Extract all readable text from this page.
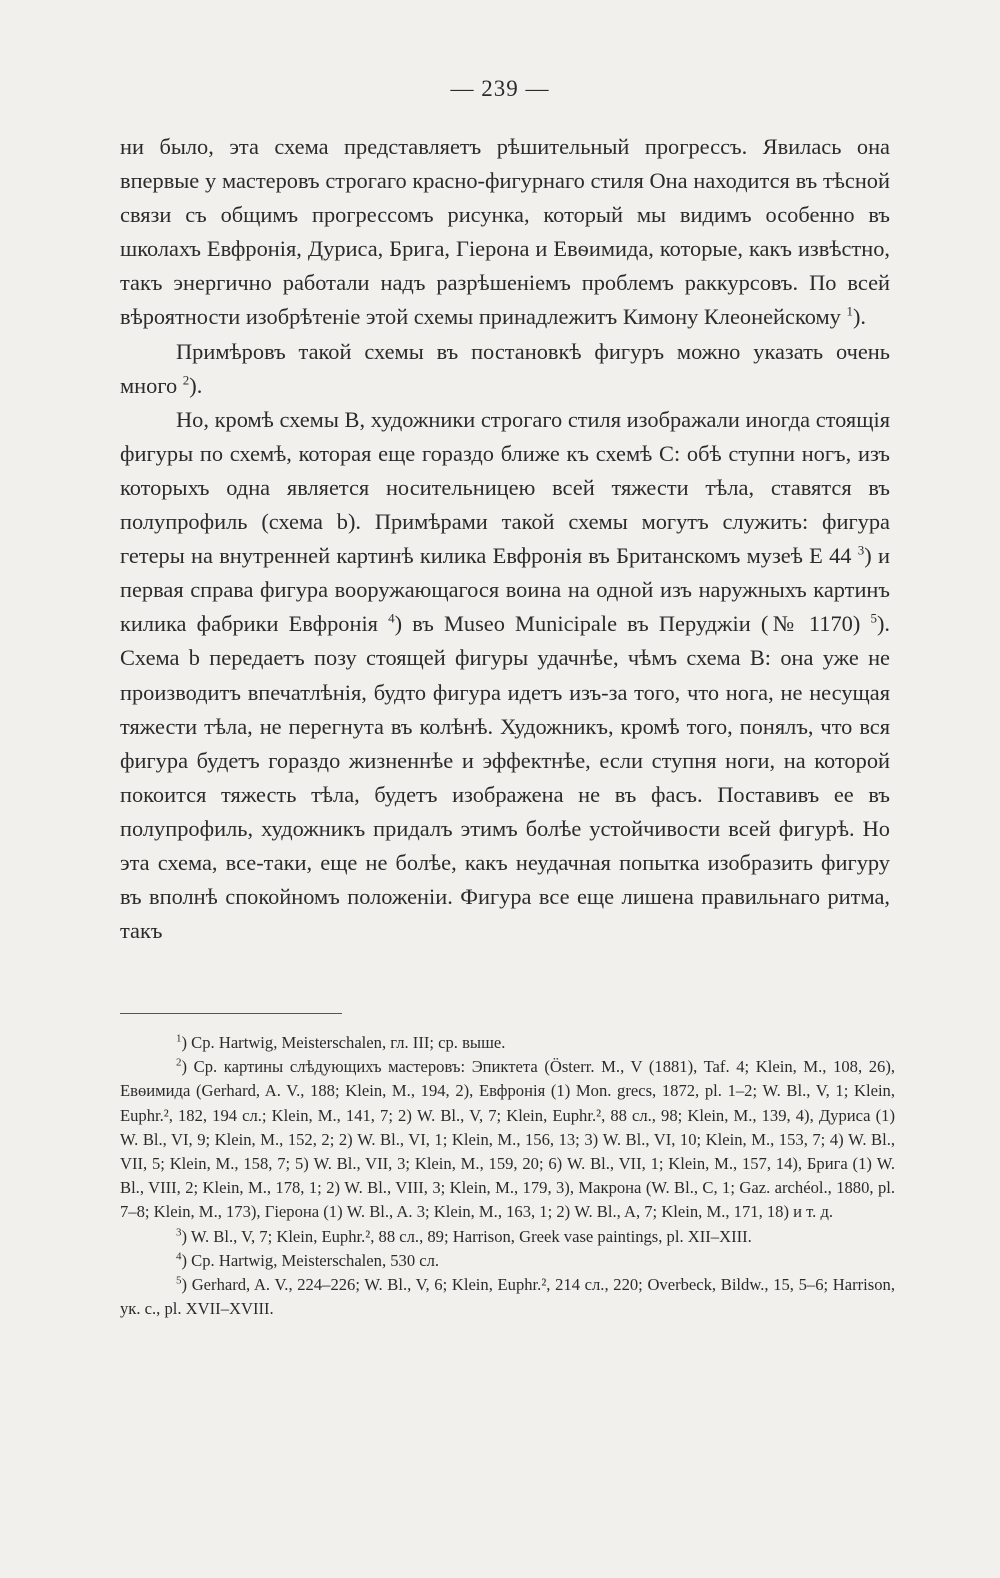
— 239 —

ни было, эта схема представляетъ рѣшительный прогрессъ. Явилась она впервые у мастеровъ строгаго красно-фигурнаго стиля Она находится въ тѣсной связи съ общимъ прогрессомъ рисунка, который мы видимъ особенно въ школахъ Евфронія, Дуриса, Брига, Гіерона и Евѳимида, которые, какъ извѣстно, такъ энергично работали надъ разрѣшеніемъ проблемъ раккурсовъ. По всей вѣроятности изобрѣтеніе этой схемы принадлежитъ Кимону Клеонейскому $^1$).

Примѣровъ такой схемы въ постановкѣ фигуръ можно указать очень много $^2$).

Но, кромѣ схемы B, художники строгаго стиля изображали иногда стоящія фигуры по схемѣ, которая еще гораздо ближе къ схемѣ C: обѣ ступни ногъ, изъ которыхъ одна является носительницею всей тяжести тѣла, ставятся въ полупрофиль (схема b). Примѣрами такой схемы могутъ служить: фигура гетеры на внутренней картинѣ килика Евфронія въ Британскомъ музеѣ E 44 $^3$) и первая справа фигура вооружающагося воина на одной изъ наружныхъ картинъ килика фабрики Евфронія $^4$) въ Museo Municipale въ Перуджіи (№ 1170) $^5$). Схема b передаетъ позу стоящей фигуры удачнѣе, чѣмъ схема B: она уже не производитъ впечатлѣнія, будто фигура идетъ изъ-за того, что нога, не несущая тяжести тѣла, не перегнута въ колѣнѣ. Художникъ, кромѣ того, понялъ, что вся фигура будетъ гораздо жизненнѣе и эффектнѣе, если ступня ноги, на которой покоится тяжесть тѣла, будетъ изображена не въ фасъ. Поставивъ ее въ полупрофиль, художникъ придалъ этимъ болѣе устойчивости всей фигурѣ. Но эта схема, все-таки, еще не болѣе, какъ неудачная попытка изобразить фигуру въ вполнѣ спокойномъ положеніи. Фигура все еще лишена правильнаго ритма, такъ

$^1$) Ср. Hartwig, Meisterschalen, гл. III; ср. выше.

$^2$) Ср. картины слѣдующихъ мастеровъ: Эпиктета (Österr. M., V (1881), Taf. 4; Klein, M., 108, 26), Евѳимида (Gerhard, A. V., 188; Klein, M., 194, 2), Евфронія (1) Mon. grecs, 1872, pl. 1–2; W. Bl., V, 1; Klein, Euphr.², 182, 194 сл.; Klein, M., 141, 7; 2) W. Bl., V, 7; Klein, Euphr.², 88 сл., 98; Klein, M., 139, 4), Дуриса (1) W. Bl., VI, 9; Klein, M., 152, 2; 2) W. Bl., VI, 1; Klein, M., 156, 13; 3) W. Bl., VI, 10; Klein, M., 153, 7; 4) W. Bl., VII, 5; Klein, M., 158, 7; 5) W. Bl., VII, 3; Klein, M., 159, 20; 6) W. Bl., VII, 1; Klein, M., 157, 14), Брига (1) W. Bl., VIII, 2; Klein, M., 178, 1; 2) W. Bl., VIII, 3; Klein, M., 179, 3), Макрона (W. Bl., C, 1; Gaz. archéol., 1880, pl. 7–8; Klein, M., 173), Гіерона (1) W. Bl., A. 3; Klein, M., 163, 1; 2) W. Bl., A, 7; Klein, M., 171, 18) и т. д.

$^3$) W. Bl., V, 7; Klein, Euphr.², 88 сл., 89; Harrison, Greek vase paintings, pl. XII–XIII.

$^4$) Ср. Hartwig, Meisterschalen, 530 сл.

$^5$) Gerhard, A. V., 224–226; W. Bl., V, 6; Klein, Euphr.², 214 сл., 220; Overbeck, Bildw., 15, 5–6; Harrison, ук. с., pl. XVII–XVIII.
